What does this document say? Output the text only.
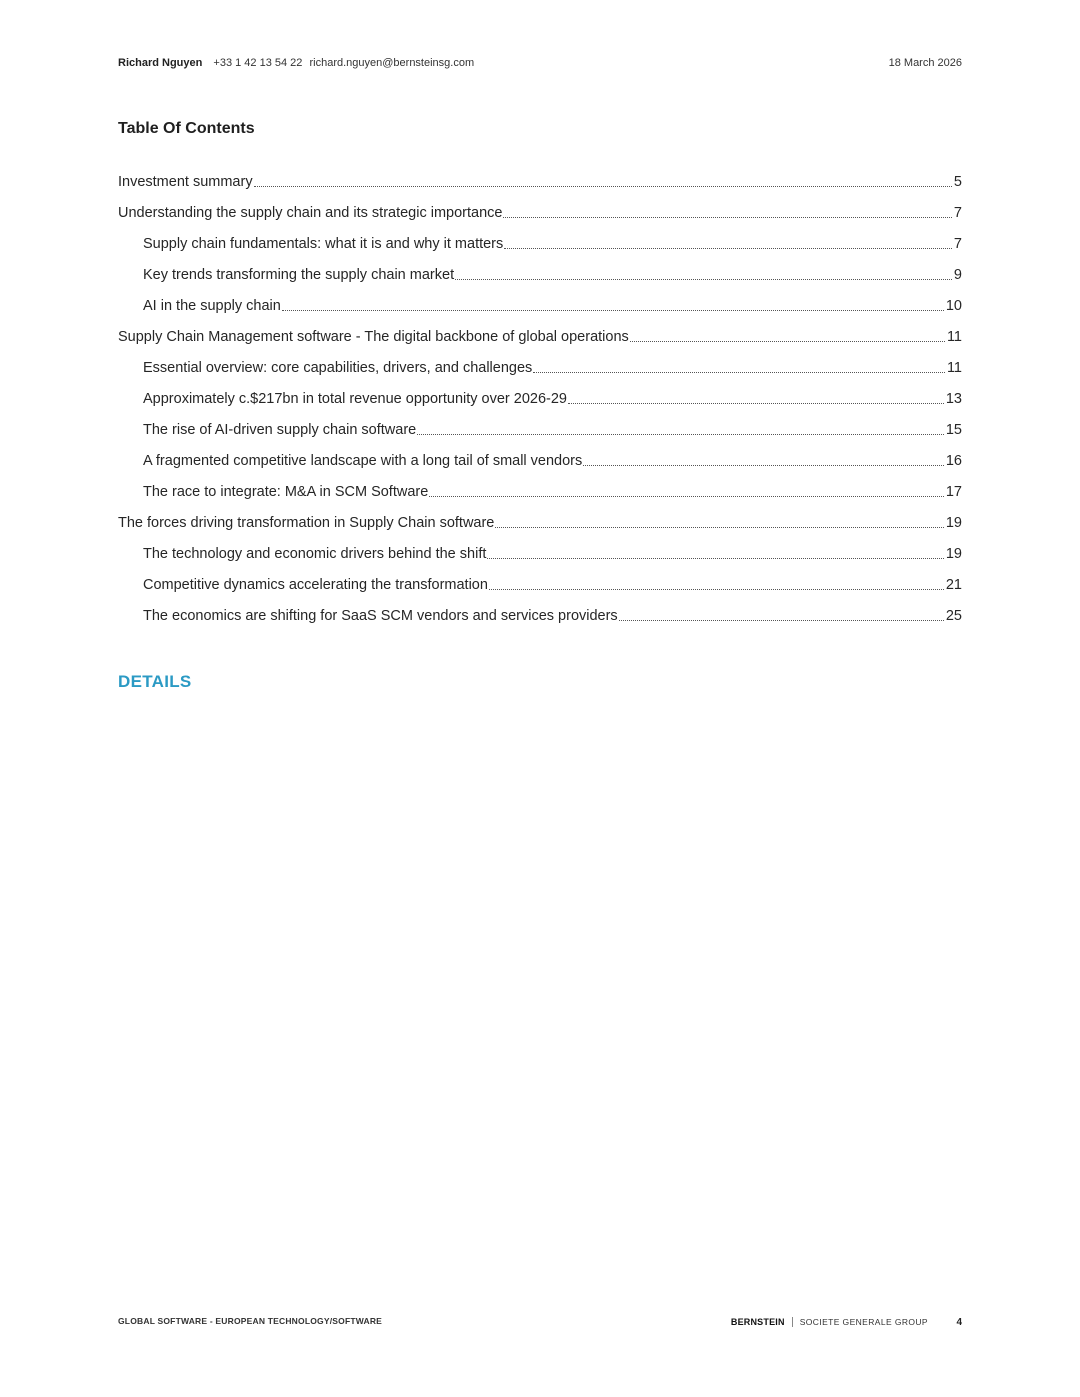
Richard Nguyen +33 1 42 13 54 22 richard.nguyen@bernsteinsg.com	18 March 2026
Table Of Contents
Investment summary	5
Understanding the supply chain and its strategic importance	7
Supply chain fundamentals: what it is and why it matters	7
Key trends transforming the supply chain market	9
AI in the supply chain	10
Supply Chain Management software - The digital backbone of global operations	11
Essential overview: core capabilities, drivers, and challenges	11
Approximately c.$217bn in total revenue opportunity over 2026-29	13
The rise of AI-driven supply chain software	15
A fragmented competitive landscape with a long tail of small vendors	16
The race to integrate: M&A in SCM Software	17
The forces driving transformation in Supply Chain software	19
The technology and economic drivers behind the shift	19
Competitive dynamics accelerating the transformation	21
The economics are shifting for SaaS SCM vendors and services providers	25
DETAILS
GLOBAL SOFTWARE - EUROPEAN TECHNOLOGY/SOFTWARE	BERNSTEIN SOCIETE GENERALE GROUP	4
